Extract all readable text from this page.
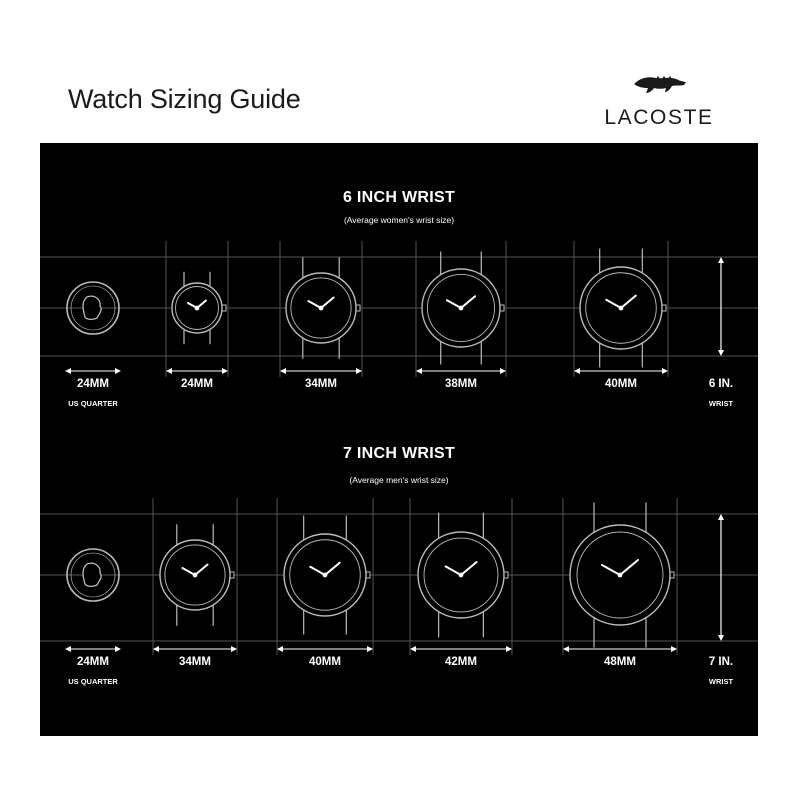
Watch Sizing Guide
LACOSTE
6 INCH WRIST
(Average women's wrist size)
24MM
US QUARTER
24MM	34MM	38MM	40MM	6 IN.
WRIST
7 INCH WRIST
(Average men's wrist size)
24MM
US QUARTER
34MM	40MM	42MM	48MM	7 IN.
WRIST
